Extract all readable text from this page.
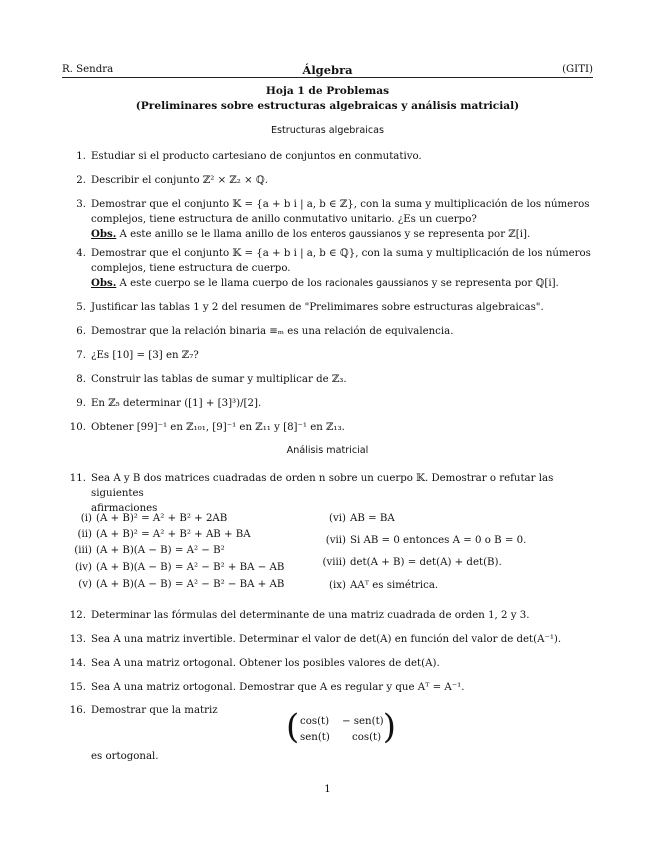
R. Sendra	Álgebra	(GITI)
Hoja 1 de Problemas
(Preliminares sobre estructuras algebraicas y análisis matricial)
Estructuras algebraicas
1. Estudiar si el producto cartesiano de conjuntos en conmutativo.
2. Describir el conjunto ℤ² × ℤ₂ × ℚ.
3. Demostrar que el conjunto 𝕂 = {a + b i | a, b ∈ ℤ}, con la suma y multiplicación de los números
complejos, tiene estructura de anillo conmutativo unitario. ¿Es un cuerpo?
Obs. A este anillo se le llama anillo de los enteros gaussianos y se representa por ℤ[i].
4. Demostrar que el conjunto 𝕂 = {a + b i | a, b ∈ ℚ}, con la suma y multiplicación de los números
complejos, tiene estructura de cuerpo.
Obs. A este cuerpo se le llama cuerpo de los racionales gaussianos y se representa por ℚ[i].
5. Justificar las tablas 1 y 2 del resumen de "Prelimimares sobre estructuras algebraicas".
6. Demostrar que la relación binaria ≡ₘ es una relación de equivalencia.
7. ¿Es [10] = [3] en ℤ₇?
8. Construir las tablas de sumar y multiplicar de ℤ₃.
9. En ℤ₅ determinar ([1] + [3]³)/[2].
10. Obtener [99]⁻¹ en ℤ₁₀₁, [9]⁻¹ en ℤ₁₁ y [8]⁻¹ en ℤ₁₃.
Análisis matricial
11. Sea A y B dos matrices cuadradas de orden n sobre un cuerpo 𝕂. Demostrar o refutar las siguientes
afirmaciones
(i) (A + B)² = A² + B² + 2AB
(ii) (A + B)² = A² + B² + AB + BA
(iii) (A + B)(A − B) = A² − B²
(iv) (A + B)(A − B) = A² − B² + BA − AB
(v) (A + B)(A − B) = A² − B² − BA + AB
(vi) AB = BA
(vii) Si AB = 0 entonces A = 0 o B = 0.
(viii) det(A + B) = det(A) + det(B).
(ix) AAᵀ es simétrica.
12. Determinar las fórmulas del determinante de una matriz cuadrada de orden 1, 2 y 3.
13. Sea A una matriz invertible. Determinar el valor de det(A) en función del valor de det(A⁻¹).
14. Sea A una matriz ortogonal. Obtener los posibles valores de det(A).
15. Sea A una matriz ortogonal. Demostrar que A es regular y que Aᵀ = A⁻¹.
16. Demostrar que la matriz	( cos(t) − sen(t)
sen(t) cos(t) )
es ortogonal.
1
